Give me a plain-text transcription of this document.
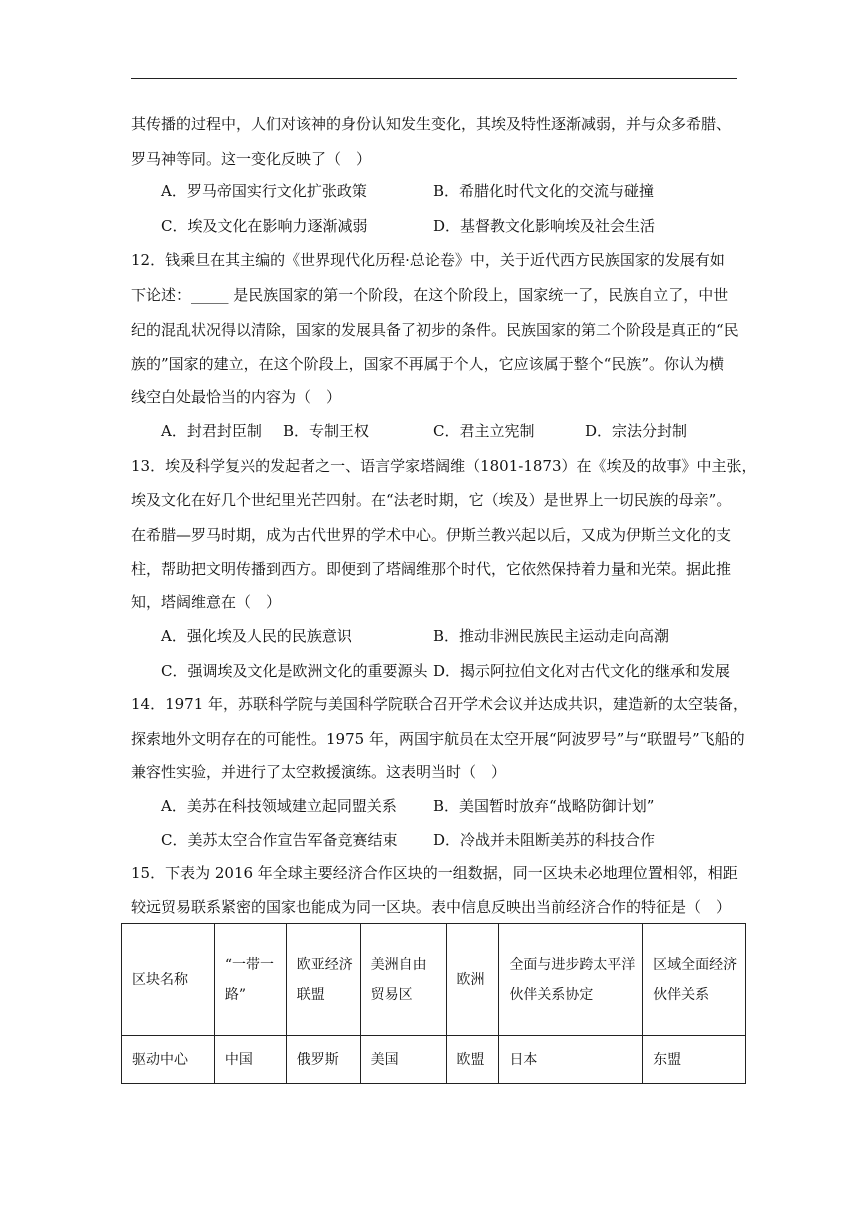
其传播的过程中，人们对该神的身份认知发生变化，其埃及特性逐渐减弱，并与众多希腊、
罗马神等同。这一变化反映了（　）
A．罗马帝国实行文化扩张政策	B．希腊化时代文化的交流与碰撞
C．埃及文化在影响力逐渐减弱	D．基督教文化影响埃及社会生活
12．钱乘旦在其主编的《世界现代化历程·总论卷》中，关于近代西方民族国家的发展有如
下论述：_____ 是民族国家的第一个阶段，在这个阶段上，国家统一了，民族自立了，中世
纪的混乱状况得以清除，国家的发展具备了初步的条件。民族国家的第二个阶段是真正的“民
族的”国家的建立，在这个阶段上，国家不再属于个人，它应该属于整个“民族”。你认为横
线空白处最恰当的内容为（　）
A．封君封臣制 B．专制王权	C．君主立宪制	D．宗法分封制
13．埃及科学复兴的发起者之一、语言学家塔阔维（1801-1873）在《埃及的故事》中主张，
埃及文化在好几个世纪里光芒四射。在“法老时期，它（埃及）是世界上一切民族的母亲”。
在希腊—罗马时期，成为古代世界的学术中心。伊斯兰教兴起以后，又成为伊斯兰文化的支
柱，帮助把文明传播到西方。即便到了塔阔维那个时代，它依然保持着力量和光荣。据此推
知，塔阔维意在（　）
A．强化埃及人民的民族意识	B．推动非洲民族民主运动走向高潮
C．强调埃及文化是欧洲文化的重要源头 D．揭示阿拉伯文化对古代文化的继承和发展
14．1971 年，苏联科学院与美国科学院联合召开学术会议并达成共识，建造新的太空装备，
探索地外文明存在的可能性。1975 年，两国宇航员在太空开展“阿波罗号”与“联盟号”飞船的
兼容性实验，并进行了太空救援演练。这表明当时（　）
A．美苏在科技领域建立起同盟关系 B．美国暂时放弃“战略防御计划”
C．美苏太空合作宣告军备竞赛结束 D．冷战并未阻断美苏的科技合作
15．下表为 2016 年全球主要经济合作区块的一组数据，同一区块未必地理位置相邻，相距
较远贸易联系紧密的国家也能成为同一区块。表中信息反映出当前经济合作的特征是（　）
区块名称	“一带一路”	欧亚经济联盟	美洲自由贸易区	欧洲	全面与进步跨太平洋伙伴关系协定	区域全面经济伙伴关系
驱动中心	中国	俄罗斯	美国	欧盟	日本	东盟
